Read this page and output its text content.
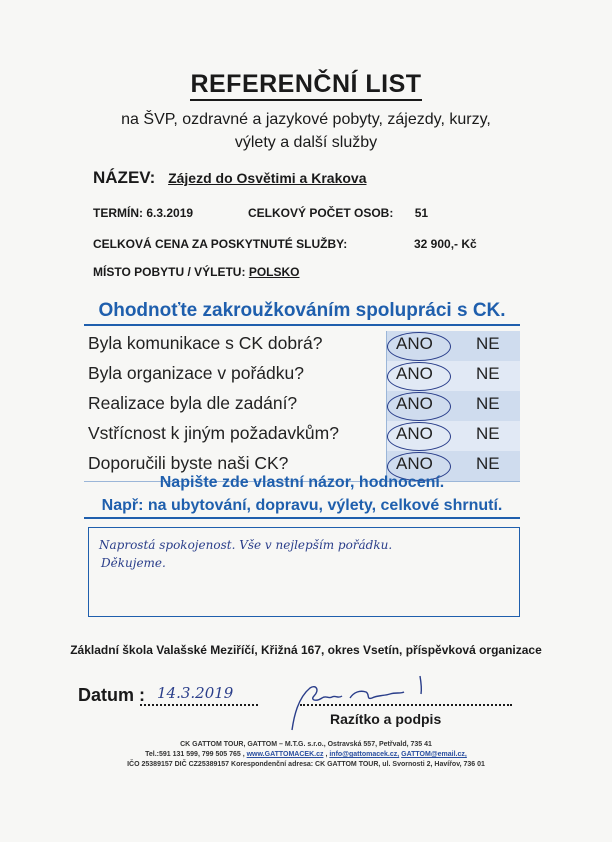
REFERENČNÍ LIST
na ŠVP, ozdravné a jazykové pobyty, zájezdy, kurzy,
výlety a další služby
NÁZEV: Zájezd do Osvětimi a Krakova
TERMÍN: 6.3.2019	CELKOVÝ POČET OSOB: 51
CELKOVÁ CENA ZA POSKYTNUTÉ SLUŽBY:	32 900,- Kč
MÍSTO POBYTU / VÝLETU: POLSKO
Ohodnoťte zakroužkováním spolupráci s CK.
Byla komunikace s CK dobrá?	ANO	NE
Byla organizace v pořádku?	ANO	NE
Realizace byla dle zadání?	ANO	NE
Vstřícnost k jiným požadavkům?	ANO	NE
Doporučili byste naši CK?	ANO	NE
Napište zde vlastní názor, hodnocení.
Např: na ubytování, dopravu, výlety, celkové shrnutí.
Naprostá spokojenost. Vše v nejlepším pořádku.
Děkujeme.
Základní škola Valašské Meziříčí, Křižná 167, okres Vsetín, příspěvková organizace
Datum : 14.3.2019
Razítko a podpis
CK GATTOM TOUR, GATTOM – M.T.G. s.r.o., Ostravská 557, Petřvald, 735 41
Tel.:591 131 599, 799 505 765 , www.GATTOMACEK.cz , info@gattomacek.cz, GATTOM@email.cz,
IČO 25389157 DIČ CZ25389157 Korespondenční adresa: CK GATTOM TOUR, ul. Svornosti 2, Havířov, 736 01
